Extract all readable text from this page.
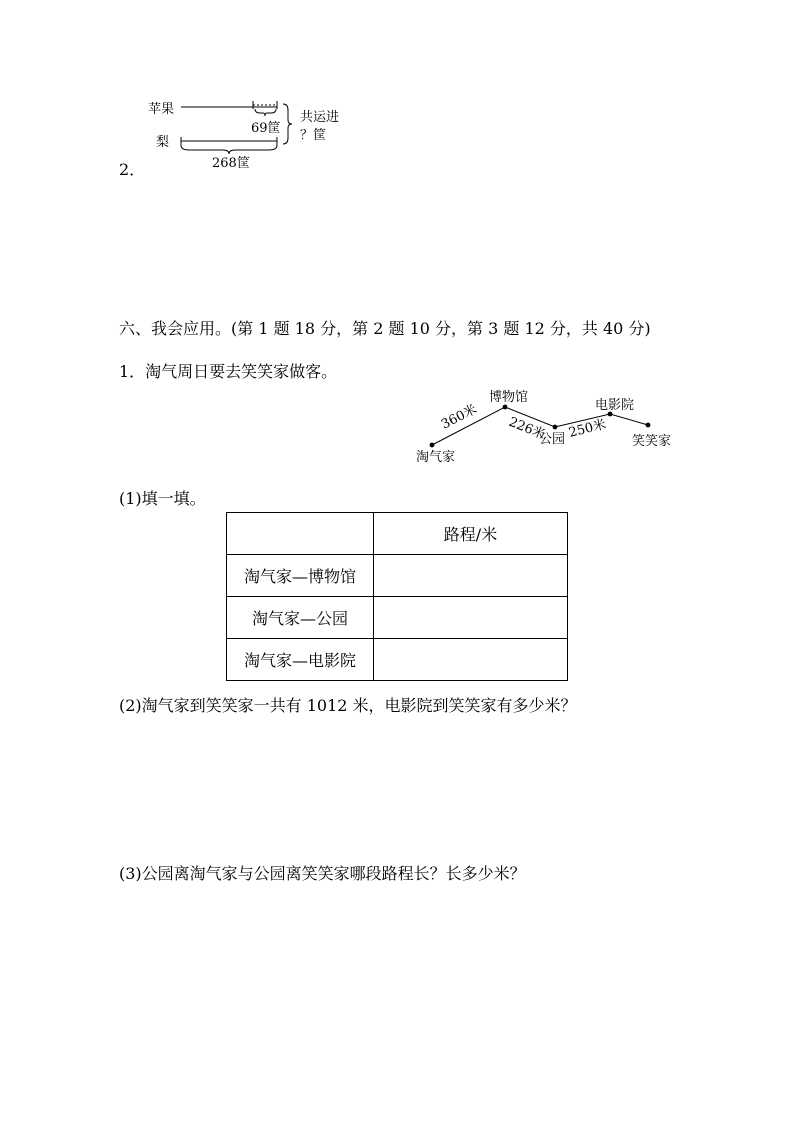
苹果
梨
69筐
共运进
？筐
268筐
2．
六、我会应用。(第 1 题 18 分，第 2 题 10 分，第 3 题 12 分，共 40 分)
1．淘气周日要去笑笑家做客。
淘气家
博物馆
公园
电影院
笑笑家
360米 226米 250米
(1)填一填。
	路程/米
淘气家—博物馆	
淘气家—公园	
淘气家—电影院	
(2)淘气家到笑笑家一共有 1012 米，电影院到笑笑家有多少米？
(3)公园离淘气家与公园离笑笑家哪段路程长？长多少米？
